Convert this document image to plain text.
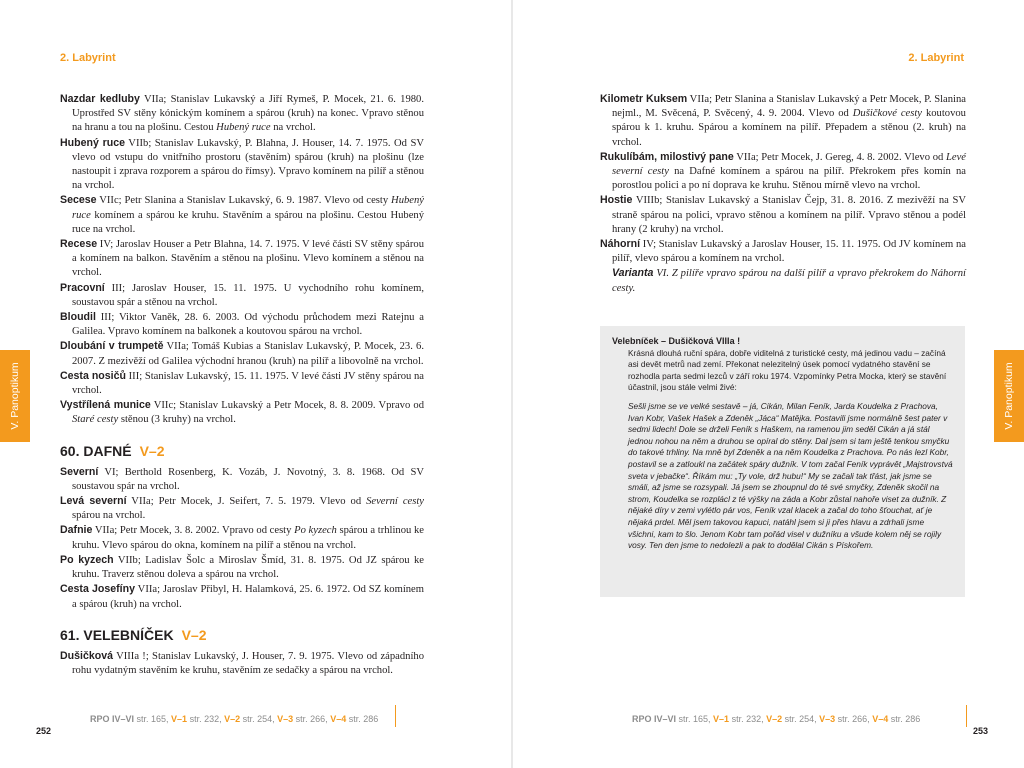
2. Labyrint
Nazdar kedluby VIIa; Stanislav Lukavský a Jiří Rymeš, P. Mocek, 21. 6. 1980. Uprostřed SV stěny kónickým komínem a spárou (kruh) na konec. Vpravo stěnou na hranu a tou na plošinu. Cestou Hubený ruce na vrchol.
Hubený ruce VIIb; Stanislav Lukavský, P. Blahna, J. Houser, 14. 7. 1975. Od SV vlevo od vstupu do vnitřního prostoru (stavěním) spárou (kruh) na plošinu (lze nastoupit i zprava rozporem a spárou do římsy). Vpravo komínem na pilíř a stěnou na vrchol.
Secese VIIc; Petr Slanina a Stanislav Lukavský, 6. 9. 1987. Vlevo od cesty Hubený ruce komínem a spárou ke kruhu. Stavěním a spárou na plošinu. Cestou Hubený ruce na vrchol.
Recese IV; Jaroslav Houser a Petr Blahna, 14. 7. 1975. V levé části SV stěny spárou a komínem na balkon. Stavěním a stěnou na plošinu. Vlevo komínem a stěnou na vrchol.
Pracovní III; Jaroslav Houser, 15. 11. 1975. U vychodního rohu komínem, soustavou spár a stěnou na vrchol.
Bloudil III; Viktor Vaněk, 28. 6. 2003. Od východu průchodem mezi Ratejnu a Galilea. Vpravo komínem na balkonek a koutovou spárou na vrchol.
Dloubání v trumpetě VIIa; Tomáš Kubias a Stanislav Lukavský, P. Mocek, 23. 6. 2007. Z mezivěží od Galilea východní hranou (kruh) na pilíř a libovolně na vrchol.
Cesta nosičů III; Stanislav Lukavský, 15. 11. 1975. V levé části JV stěny spárou na vrchol.
Vystřílená munice VIIc; Stanislav Lukavský a Petr Mocek, 8. 8. 2009. Vpravo od Staré cesty stěnou (3 kruhy) na vrchol.
60. DAFNÉ V–2
Severní VI; Berthold Rosenberg, K. Vozáb, J. Novotný, 3. 8. 1968. Od SV soustavou spár na vrchol.
Levá severní VIIa; Petr Mocek, J. Seifert, 7. 5. 1979. Vlevo od Severní cesty spárou na vrchol.
Dafnie VIIa; Petr Mocek, 3. 8. 2002. Vpravo od cesty Po kyzech spárou a trhlinou ke kruhu. Vlevo spárou do okna, komínem na pilíř a stěnou na vrchol.
Po kyzech VIIb; Ladislav Šolc a Miroslav Šmíd, 31. 8. 1975. Od JZ spárou ke kruhu. Traverz stěnou doleva a spárou na vrchol.
Cesta Josefíny VIIa; Jaroslav Přibyl, H. Halamková, 25. 6. 1972. Od SZ komínem a spárou (kruh) na vrchol.
61. VELEBNÍČEK V–2
Dušičková VIIIa !; Stanislav Lukavský, J. Houser, 7. 9. 1975. Vlevo od západního rohu vydatným stavěním ke kruhu, stavěním ze sedačky a spárou na vrchol.
V. Panoptikum
RPO IV–VI str. 165, V–1 str. 232, V–2 str. 254, V–3 str. 266, V–4 str. 286
252
2. Labyrint
Kilometr Kuksem VIIa; Petr Slanina a Stanislav Lukavský a Petr Mocek, P. Slanina nejml., M. Svěcená, P. Svěcený, 4. 9. 2004. Vlevo od Dušičkové cesty koutovou spárou k 1. kruhu. Spárou a komínem na pilíř. Přepadem a stěnou (2. kruh) na vrchol.
Rukulíbám, milostivý pane VIIa; Petr Mocek, J. Gereg, 4. 8. 2002. Vlevo od Levé severní cesty na Dafné komínem a spárou na pilíř. Překrokem přes komín na porostlou polici a po ní doprava ke kruhu. Stěnou mírně vlevo na vrchol.
Hostie VIIIb; Stanislav Lukavský a Stanislav Čejp, 31. 8. 2016. Z mezivěží na SV straně spárou na polici, vpravo stěnou a komínem na pilíř. Vpravo stěnou a podél hrany (2 kruhy) na vrchol.
Náhorní IV; Stanislav Lukavský a Jaroslav Houser, 15. 11. 1975. Od JV komínem na pilíř, vlevo spárou a komínem na vrchol.
Varianta VI. Z pilíře vpravo spárou na další pilíř a vpravo překrokem do Náhorní cesty.
Velebníček – Dušičková VIIIa !
Krásná dlouhá ruční spára, dobře viditelná z turistické cesty, má jedinou vadu – začíná asi devět metrů nad zemí. Překonat nelezitelný úsek pomocí vydatného stavění se rozhodla parta sedmi lezců v září roku 1974. Vzpomínky Petra Mocka, který se stavění účastnil, jsou stále velmi živé:
Sešli jsme se ve velké sestavě – já, Cikán, Milan Feník, Jarda Koudelka z Prachova, Ivan Kobr, Vašek Hašek a Zdeněk „Jáca“ Matějka. Postavili jsme normálně šest pater v sedmi lidech! Dole se drželi Feník s Haškem, na ramenou jim seděl Cikán a já stál jednou nohou na něm a druhou se opíral do stěny. Dal jsem si tam ještě tenkou smyčku do takové trhliny. Na mně byl Zdeněk a na něm Koudelka z Prachova. Po nás lezl Kobr, postavil se a zatloukl na začátek spáry dužník. V tom začal Feník vyprávět „Majstrovstvá sveta v jebačke“. Říkám mu: „Ty vole, drž hubu!“ My se začali tak třást, jak jsme se smáli, až jsme se rozsypali. Já jsem se zhoupnul do té své smyčky, Zdeněk skočil na strom, Koudelka se rozplácl z té výšky na záda a Kobr zůstal nahoře viset za dužník. Z nějaké díry v zemi vylétlo pár vos, Feník vzal klacek a začal do toho šťouchat, ať je nějaká prdel. Měl jsem takovou kapuci, natáhl jsem si ji přes hlavu a zdrhali jsme všichni, kam to šlo. Jenom Kobr tam pořád visel v dužníku a všude kolem něj se rojily vosy. Ten den jsme to nedolezli a pak to dodělal Cikán s Pískořem.
V. Panoptikum
RPO IV–VI str. 165, V–1 str. 232, V–2 str. 254, V–3 str. 266, V–4 str. 286
253
